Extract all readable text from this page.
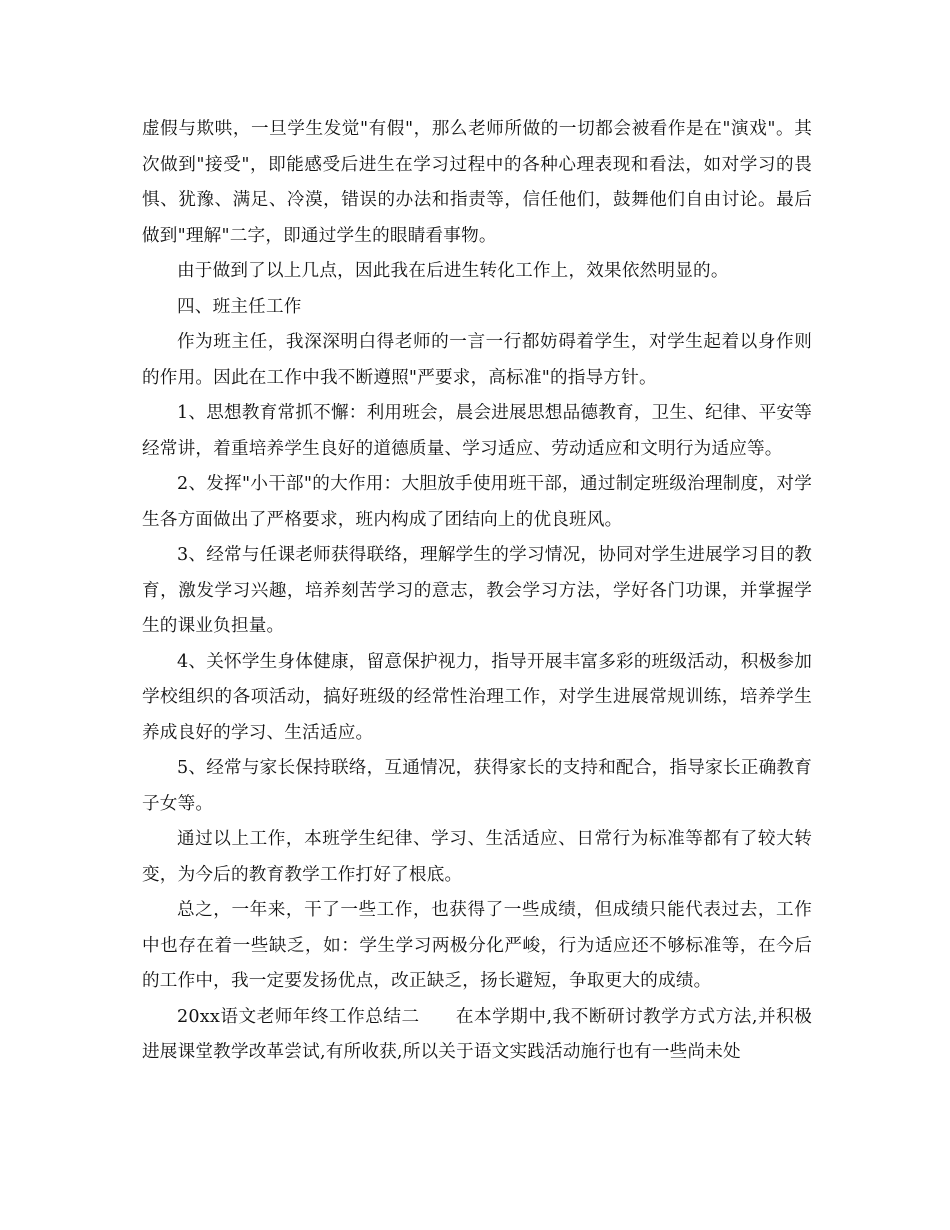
虚假与欺哄，一旦学生发觉"有假"，那么老师所做的一切都会被看作是在"演戏"。其次做到"接受"，即能感受后进生在学习过程中的各种心理表现和看法，如对学习的畏惧、犹豫、满足、冷漠，错误的办法和指责等，信任他们，鼓舞他们自由讨论。最后做到"理解"二字，即通过学生的眼睛看事物。

由于做到了以上几点，因此我在后进生转化工作上，效果依然明显的。

四、班主任工作

作为班主任，我深深明白得老师的一言一行都妨碍着学生，对学生起着以身作则的作用。因此在工作中我不断遵照"严要求，高标准"的指导方针。

1、思想教育常抓不懈：利用班会，晨会进展思想品德教育，卫生、纪律、平安等经常讲，着重培养学生良好的道德质量、学习适应、劳动适应和文明行为适应等。

2、发挥"小干部"的大作用：大胆放手使用班干部，通过制定班级治理制度，对学生各方面做出了严格要求，班内构成了团结向上的优良班风。

3、经常与任课老师获得联络，理解学生的学习情况，协同对学生进展学习目的教育，激发学习兴趣，培养刻苦学习的意志，教会学习方法，学好各门功课，并掌握学生的课业负担量。

4、关怀学生身体健康，留意保护视力，指导开展丰富多彩的班级活动，积极参加学校组织的各项活动，搞好班级的经常性治理工作，对学生进展常规训练，培养学生养成良好的学习、生活适应。

5、经常与家长保持联络，互通情况，获得家长的支持和配合，指导家长正确教育子女等。

通过以上工作，本班学生纪律、学习、生活适应、日常行为标准等都有了较大转变，为今后的教育教学工作打好了根底。

总之，一年来，干了一些工作，也获得了一些成绩，但成绩只能代表过去，工作中也存在着一些缺乏，如：学生学习两极分化严峻，行为适应还不够标准等，在今后的工作中，我一定要发扬优点，改正缺乏，扬长避短，争取更大的成绩。

20xx语文老师年终工作总结二 在本学期中,我不断研讨教学方式方法,并积极进展课堂教学改革尝试,有所收获,所以关于语文实践活动施行也有一些尚未处
